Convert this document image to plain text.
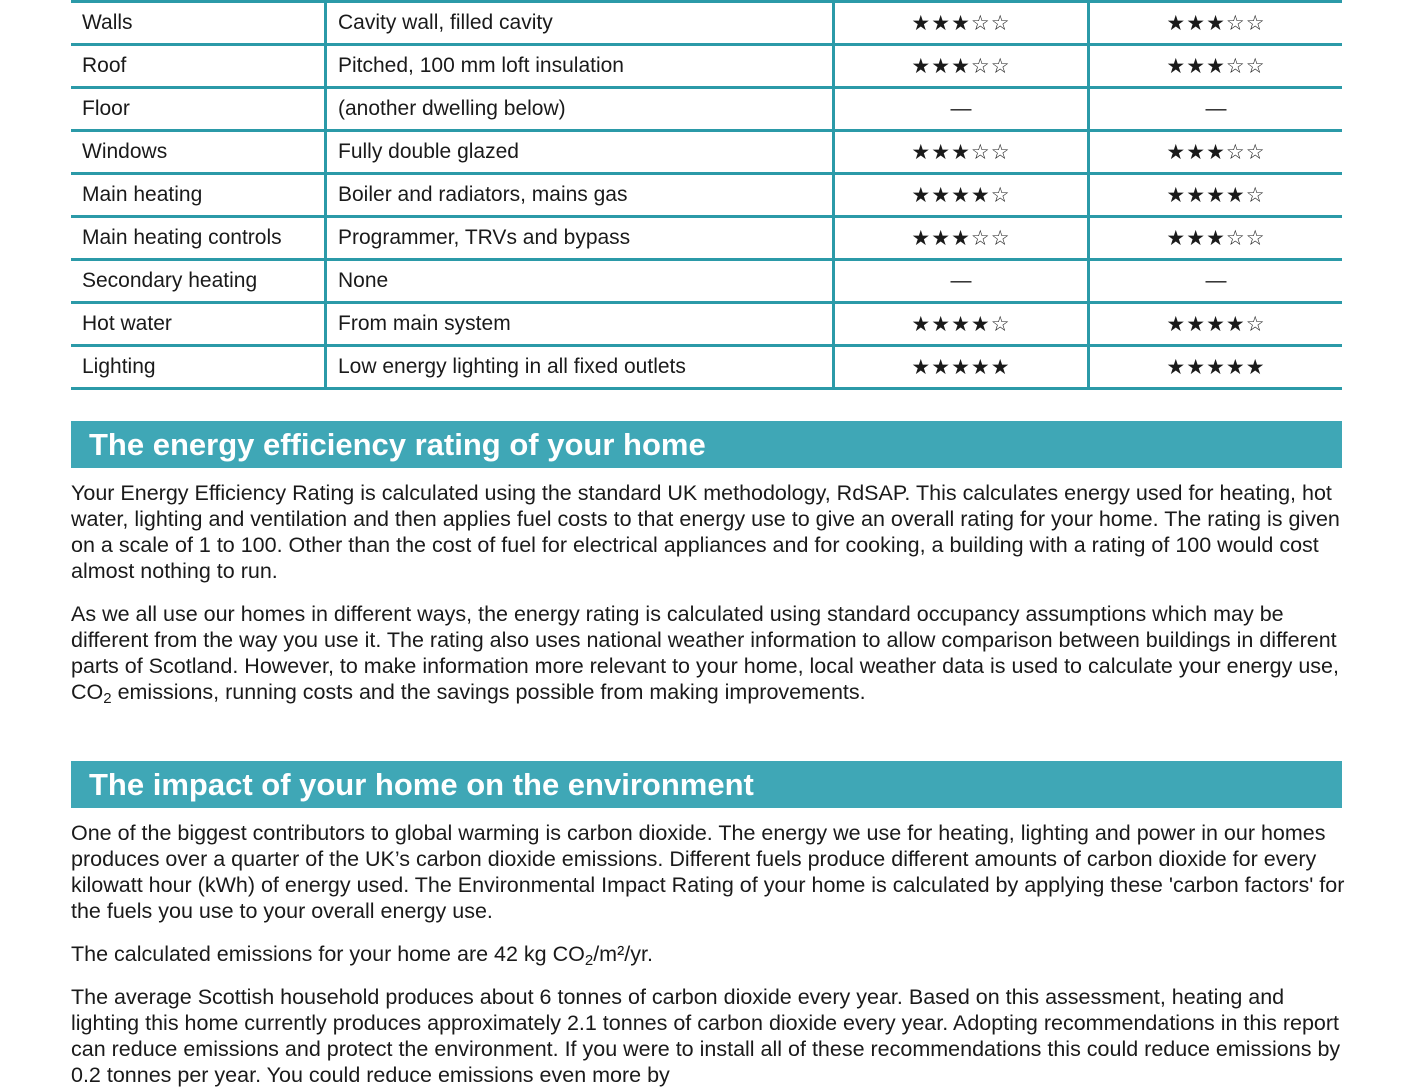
Walls	Cavity wall, filled cavity	★★★☆☆	★★★☆☆
Roof	Pitched, 100 mm loft insulation	★★★☆☆	★★★☆☆
Floor	(another dwelling below)	—	—
Windows	Fully double glazed	★★★☆☆	★★★☆☆
Main heating	Boiler and radiators, mains gas	★★★★☆	★★★★☆
Main heating controls	Programmer, TRVs and bypass	★★★☆☆	★★★☆☆
Secondary heating	None	—	—
Hot water	From main system	★★★★☆	★★★★☆
Lighting	Low energy lighting in all fixed outlets	★★★★★	★★★★★
The energy efficiency rating of your home

Your Energy Efficiency Rating is calculated using the standard UK methodology, RdSAP. This calculates energy used for heating, hot water, lighting and ventilation and then applies fuel costs to that energy use to give an overall rating for your home. The rating is given on a scale of 1 to 100. Other than the cost of fuel for electrical appliances and for cooking, a building with a rating of 100 would cost almost nothing to run.

As we all use our homes in different ways, the energy rating is calculated using standard occupancy assumptions which may be different from the way you use it. The rating also uses national weather information to allow comparison between buildings in different parts of Scotland. However, to make information more relevant to your home, local weather data is used to calculate your energy use, $CO_2$ emissions, running costs and the savings possible from making improvements.

The impact of your home on the environment

One of the biggest contributors to global warming is carbon dioxide. The energy we use for heating, lighting and power in our homes produces over a quarter of the UK’s carbon dioxide emissions. Different fuels produce different amounts of carbon dioxide for every kilowatt hour (kWh) of energy used. The Environmental Impact Rating of your home is calculated by applying these 'carbon factors' for the fuels you use to your overall energy use.

The calculated emissions for your home are 42 kg $CO_2/m^2/yr$.

The average Scottish household produces about 6 tonnes of carbon dioxide every year. Based on this assessment, heating and lighting this home currently produces approximately 2.1 tonnes of carbon dioxide every year. Adopting recommendations in this report can reduce emissions and protect the environment. If you were to install all of these recommendations this could reduce emissions by 0.2 tonnes per year. You could reduce emissions even more by
